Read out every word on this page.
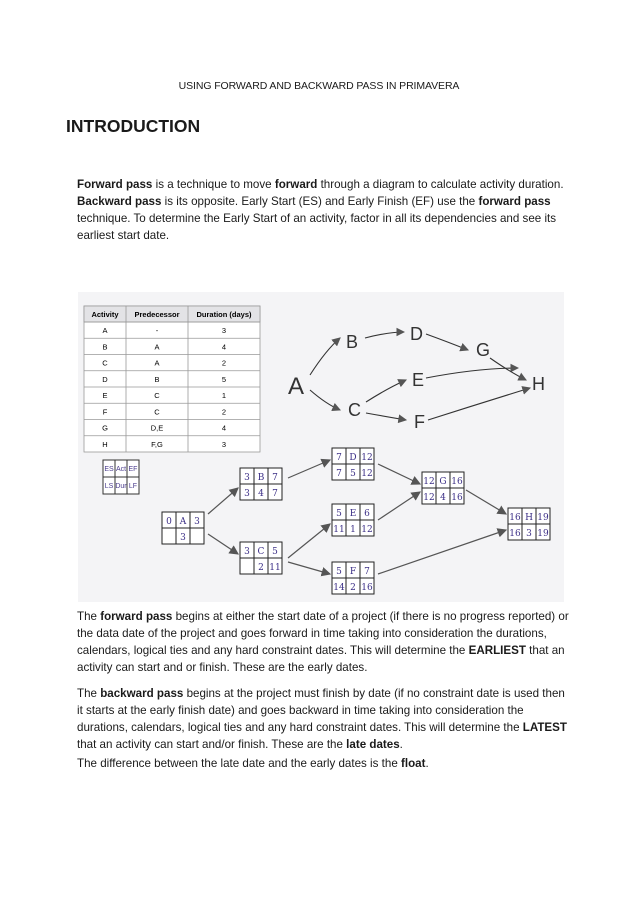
USING FORWARD AND BACKWARD PASS IN PRIMAVERA
INTRODUCTION
Forward pass is a technique to move forward through a diagram to calculate activity duration. Backward pass is its opposite. Early Start (ES) and Early Finish (EF) use the forward pass technique. To determine the Early Start of an activity, factor in all its dependencies and see its earliest start date.
Activity Predecessor Duration (days)
A	-	3
B	A	4
C	A	2
D	B	5
E	C	1
F	C	2
G	D,E	4
H	F,G	3
A
B
C
D
E
F
G
H
ES Act EF
LS Dur LF
0 A 3
3
3 B 7
3 4 7
3 C 5
2 11
7 D 12
7 5 12
5 E 6
11 1 12
5 F 7
14 2 16
12 G 16
12 4 16
16 H 19
16 3 19
The forward pass begins at either the start date of a project (if there is no progress reported) or the data date of the project and goes forward in time taking into consideration the durations, calendars, logical ties and any hard constraint dates. This will determine the EARLIEST that an activity can start and or finish. These are the early dates.
The backward pass begins at the project must finish by date (if no constraint date is used then it starts at the early finish date) and goes backward in time taking into consideration the durations, calendars, logical ties and any hard constraint dates. This will determine the LATEST that an activity can start and/or finish. These are the late dates.
The difference between the late date and the early dates is the float.
